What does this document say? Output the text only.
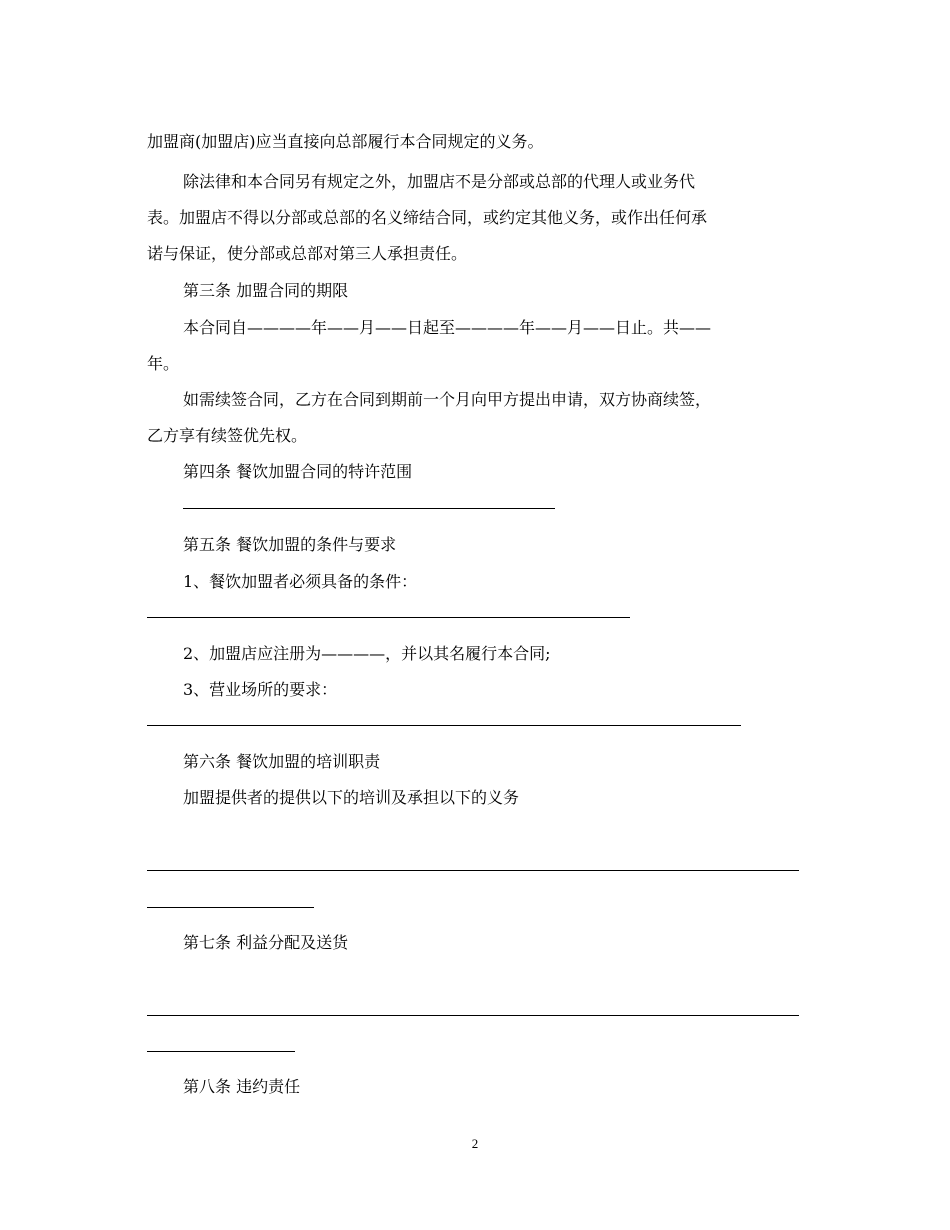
加盟商(加盟店)应当直接向总部履行本合同规定的义务。
除法律和本合同另有规定之外，加盟店不是分部或总部的代理人或业务代
表。加盟店不得以分部或总部的名义缔结合同，或约定其他义务，或作出任何承
诺与保证，使分部或总部对第三人承担责任。
第三条 加盟合同的期限
本合同自————年——月——日起至————年——月——日止。共——
年。
如需续签合同，乙方在合同到期前一个月向甲方提出申请，双方协商续签，
乙方享有续签优先权。
第四条 餐饮加盟合同的特许范围
第五条 餐饮加盟的条件与要求
1、餐饮加盟者必须具备的条件：
2、加盟店应注册为————，并以其名履行本合同;
3、营业场所的要求：
第六条 餐饮加盟的培训职责
加盟提供者的提供以下的培训及承担以下的义务
第七条 利益分配及送货
第八条 违约责任
2
